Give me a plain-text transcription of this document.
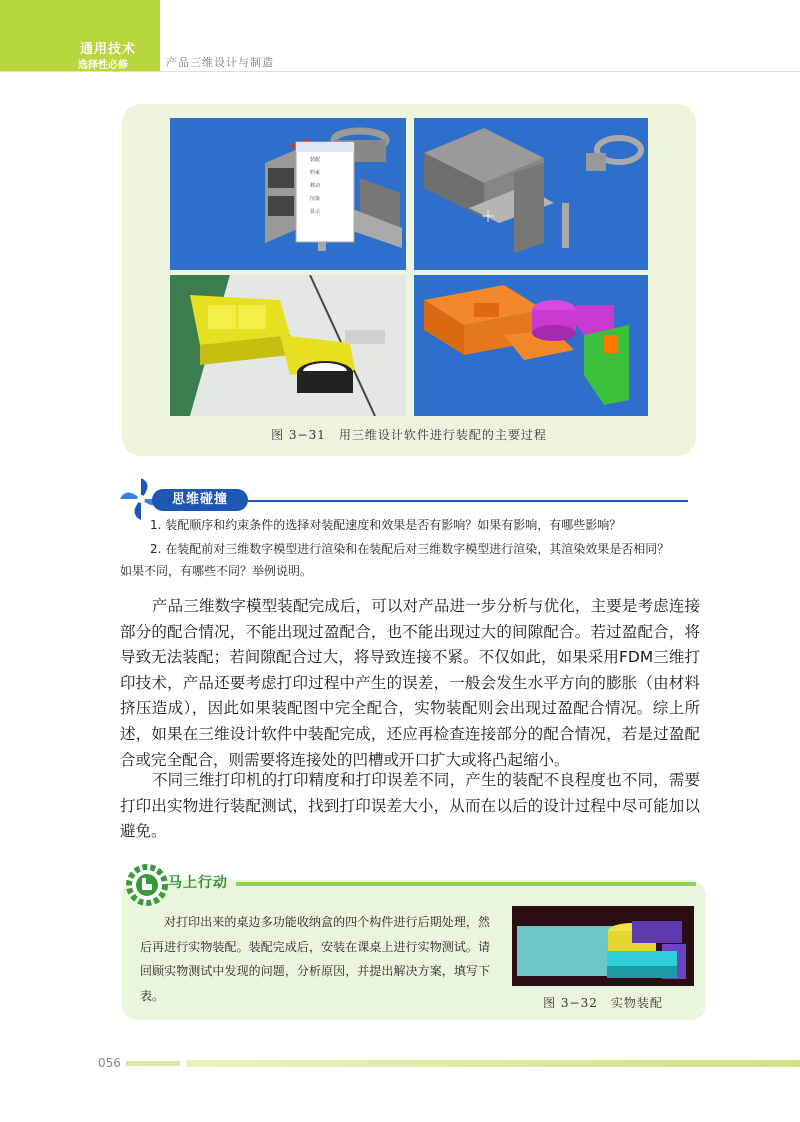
通用技术
选择性必修	产品三维设计与制造
装配
约束
移动
渲染
显示
图 3−31　用三维设计软件进行装配的主要过程
思维碰撞
1. 装配顺序和约束条件的选择对装配速度和效果是否有影响？如果有影响，有哪些影响？
2. 在装配前对三维数字模型进行渲染和在装配后对三维数字模型进行渲染，其渲染效果是否相同？如果不同，有哪些不同？举例说明。
产品三维数字模型装配完成后，可以对产品进一步分析与优化，主要是考虑连接部分的配合情况，不能出现过盈配合，也不能出现过大的间隙配合。若过盈配合，将导致无法装配；若间隙配合过大，将导致连接不紧。不仅如此，如果采用FDM三维打印技术，产品还要考虑打印过程中产生的误差，一般会发生水平方向的膨胀（由材料挤压造成），因此如果装配图中完全配合，实物装配则会出现过盈配合情况。综上所述，如果在三维设计软件中装配完成，还应再检查连接部分的配合情况，若是过盈配合或完全配合，则需要将连接处的凹槽或开口扩大或将凸起缩小。
不同三维打印机的打印精度和打印误差不同，产生的装配不良程度也不同，需要打印出实物进行装配测试，找到打印误差大小，从而在以后的设计过程中尽可能加以避免。
马上行动
对打印出来的桌边多功能收纳盒的四个构件进行后期处理，然后再进行实物装配。装配完成后，安装在课桌上进行实物测试。请回顾实物测试中发现的问题，分析原因，并提出解决方案，填写下表。
图 3−32　实物装配
056
